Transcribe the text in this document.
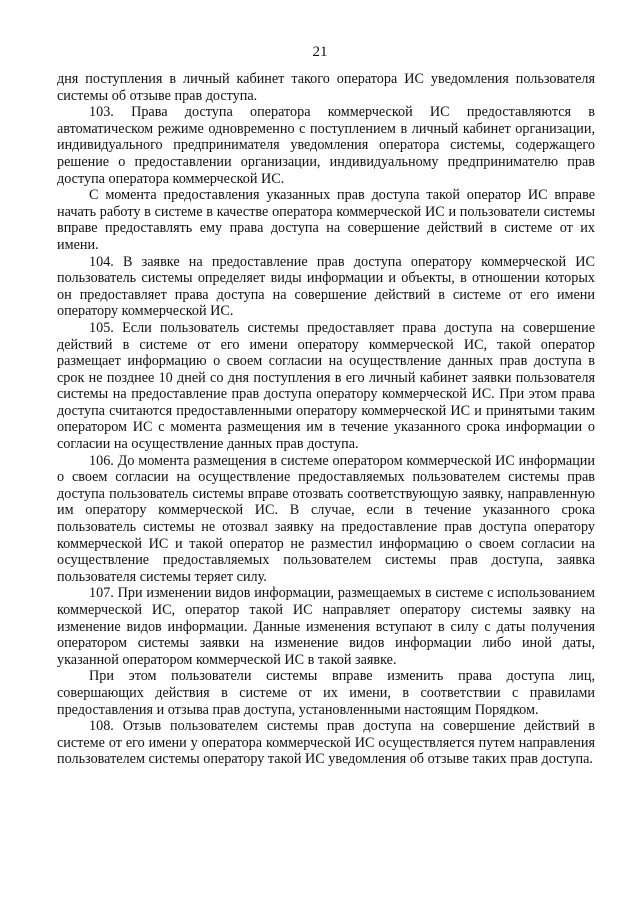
21

дня поступления в личный кабинет такого оператора ИС уведомления пользователя системы об отзыве прав доступа.

103. Права доступа оператора коммерческой ИС предоставляются в автоматическом режиме одновременно с поступлением в личный кабинет организации, индивидуального предпринимателя уведомления оператора системы, содержащего решение о предоставлении организации, индивидуальному предпринимателю прав доступа оператора коммерческой ИС.

С момента предоставления указанных прав доступа такой оператор ИС вправе начать работу в системе в качестве оператора коммерческой ИС и пользователи системы вправе предоставлять ему права доступа на совершение действий в системе от их имени.

104. В заявке на предоставление прав доступа оператору коммерческой ИС пользователь системы определяет виды информации и объекты, в отношении которых он предоставляет права доступа на совершение действий в системе от его имени оператору коммерческой ИС.

105. Если пользователь системы предоставляет права доступа на совершение действий в системе от его имени оператору коммерческой ИС, такой оператор размещает информацию о своем согласии на осуществление данных прав доступа в срок не позднее 10 дней со дня поступления в его личный кабинет заявки пользователя системы на предоставление прав доступа оператору коммерческой ИС. При этом права доступа считаются предоставленными оператору коммерческой ИС и принятыми таким оператором ИС с момента размещения им в течение указанного срока информации о согласии на осуществление данных прав доступа.

106. До момента размещения в системе оператором коммерческой ИС информации о своем согласии на осуществление предоставляемых пользователем системы прав доступа пользователь системы вправе отозвать соответствующую заявку, направленную им оператору коммерческой ИС. В случае, если в течение указанного срока пользователь системы не отозвал заявку на предоставление прав доступа оператору коммерческой ИС и такой оператор не разместил информацию о своем согласии на осуществление предоставляемых пользователем системы прав доступа, заявка пользователя системы теряет силу.

107. При изменении видов информации, размещаемых в системе с использованием коммерческой ИС, оператор такой ИС направляет оператору системы заявку на изменение видов информации. Данные изменения вступают в силу с даты получения оператором системы заявки на изменение видов информации либо иной даты, указанной оператором коммерческой ИС в такой заявке.

При этом пользователи системы вправе изменить права доступа лиц, совершающих действия в системе от их имени, в соответствии с правилами предоставления и отзыва прав доступа, установленными настоящим Порядком.

108. Отзыв пользователем системы прав доступа на совершение действий в системе от его имени у оператора коммерческой ИС осуществляется путем направления пользователем системы оператору такой ИС уведомления об отзыве таких прав доступа.
